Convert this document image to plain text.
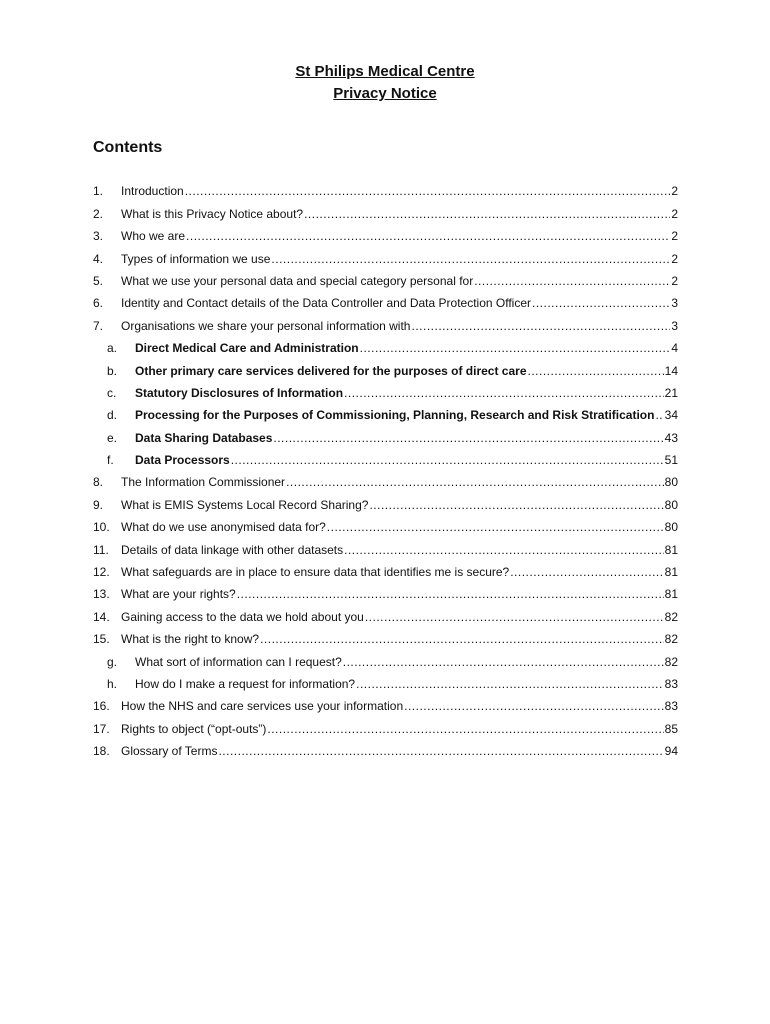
St Philips Medical Centre
Privacy Notice
Contents
1.	Introduction .....	2
2.	What is this Privacy Notice about? .....	2
3.	Who we are .....	2
4.	Types of information we use .....	2
5.	What we use your personal data and special category personal for .....	2
6.	Identity and Contact details of the Data Controller and Data Protection Officer .....	3
7.	Organisations we share your personal information with .....	3
a.	Direct Medical Care and Administration .....	4
b.	Other primary care services delivered for the purposes of direct care .....	14
c.	Statutory Disclosures of Information .....	21
d.	Processing for the Purposes of Commissioning, Planning, Research and Risk Stratification ..... 34
e.	Data Sharing Databases .....	43
f.	Data Processors .....	51
8.	The Information Commissioner .....	80
9.	What is EMIS Systems Local Record Sharing? .....	80
10. What do we use anonymised data for? .....	80
11.	Details of data linkage with other datasets .....	81
12. What safeguards are in place to ensure data that identifies me is secure? .....	81
13. What are your rights? .....	81
14. Gaining access to the data we hold about you .....	82
15. What is the right to know? .....	82
g.	What sort of information can I request? .....	82
h.	How do I make a request for information? .....	83
16. How the NHS and care services use your information .....	83
17. Rights to object (“opt-outs”) .....	85
18. Glossary of Terms .....	94
